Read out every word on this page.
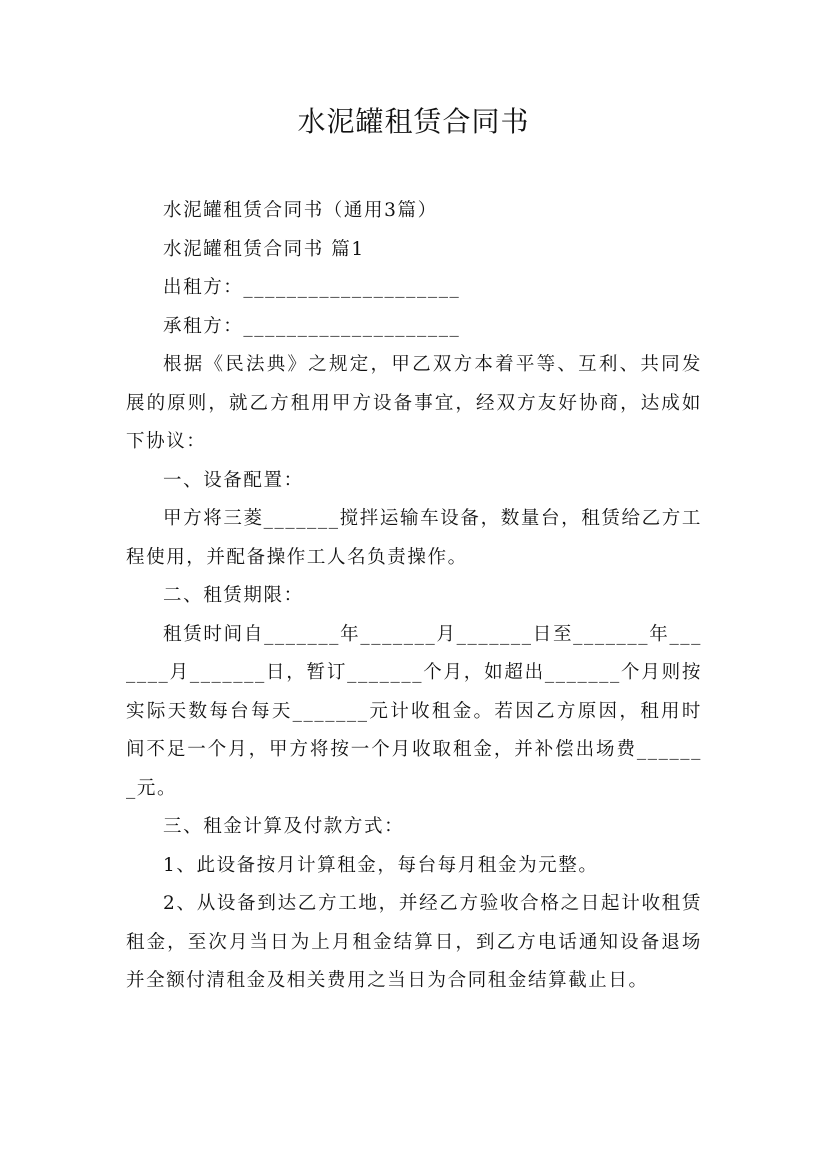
水泥罐租赁合同书

水泥罐租赁合同书（通用3篇）

水泥罐租赁合同书 篇1

出租方：____________________

承租方：____________________

根据《民法典》之规定，甲乙双方本着平等、互利、共同发展的原则，就乙方租用甲方设备事宜，经双方友好协商，达成如下协议：

一、设备配置：

甲方将三菱_______搅拌运输车设备，数量台，租赁给乙方工程使用，并配备操作工人名负责操作。

二、租赁期限：

租赁时间自_______年_______月_______日至_______年_______月_______日，暂订_______个月，如超出_______个月则按实际天数每台每天_______元计收租金。若因乙方原因，租用时间不足一个月，甲方将按一个月收取租金，并补偿出场费_______元。

三、租金计算及付款方式：

1、此设备按月计算租金，每台每月租金为元整。

2、从设备到达乙方工地，并经乙方验收合格之日起计收租赁租金，至次月当日为上月租金结算日，到乙方电话通知设备退场并全额付清租金及相关费用之当日为合同租金结算截止日。
